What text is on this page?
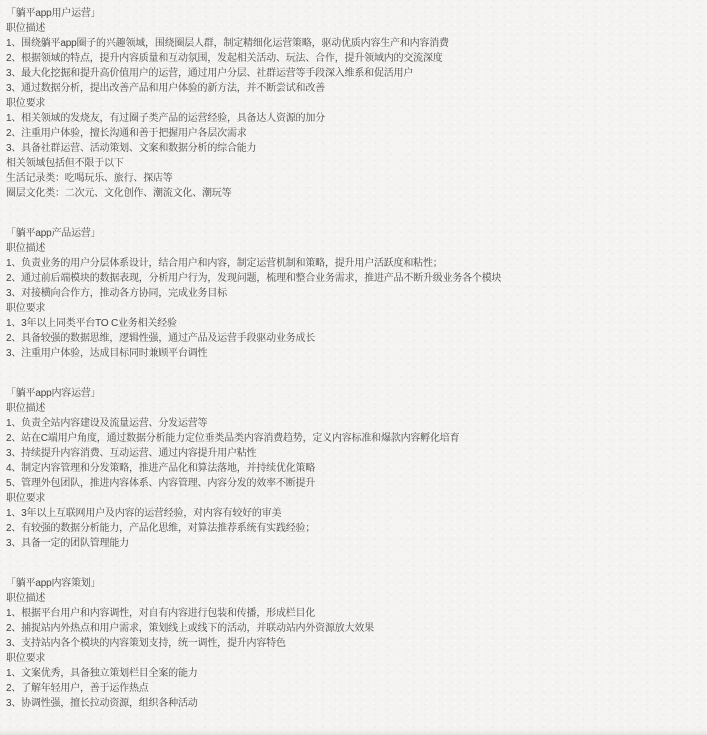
「躺平app用户运营」
职位描述
1、围绕躺平app圈子的兴趣领域，围绕圈层人群，制定精细化运营策略，驱动优质内容生产和内容消费
2、根据领域的特点，提升内容质量和互动氛围，发起相关活动、玩法、合作，提升领域内的交流深度
3、最大化挖掘和提升高价值用户的运营，通过用户分层、社群运营等手段深入维系和促活用户
3、通过数据分析，提出改善产品和用户体验的新方法，并不断尝试和改善
职位要求
1、相关领域的发烧友，有过圈子类产品的运营经验，具备达人资源的加分
2、注重用户体验，擅长沟通和善于把握用户各层次需求
3、具备社群运营、活动策划、文案和数据分析的综合能力
相关领域包括但不限于以下
生活记录类：吃喝玩乐、旅行、探店等
圈层文化类：二次元、文化创作、潮流文化、潮玩等
「躺平app产品运营」
职位描述
1、负责业务的用户分层体系设计，结合用户和内容，制定运营机制和策略，提升用户活跃度和粘性；
2、通过前后端模块的数据表现，分析用户行为，发现问题，梳理和整合业务需求，推进产品不断升级业务各个模块
3、对接横向合作方，推动各方协同，完成业务目标
职位要求
1、3年以上同类平台TO C业务相关经验
2、具备较强的数据思维，逻辑性强，通过产品及运营手段驱动业务成长
3、注重用户体验，达成目标同时兼顾平台调性
「躺平app内容运营」
职位描述
1、负责全站内容建设及流量运营、分发运营等
2、站在C端用户角度，通过数据分析能力定位垂类品类内容消费趋势，定义内容标准和爆款内容孵化培育
3、持续提升内容消费、互动运营、通过内容提升用户粘性
4、制定内容管理和分发策略，推进产品化和算法落地，并持续优化策略
5、管理外包团队，推进内容体系、内容管理、内容分发的效率不断提升
职位要求
1、3年以上互联网用户及内容的运营经验，对内容有较好的审美
2、有较强的数据分析能力，产品化思维，对算法推荐系统有实践经验；
3、具备一定的团队管理能力
「躺平app内容策划」
职位描述
1、根据平台用户和内容调性，对自有内容进行包装和传播，形成栏目化
2、捕捉站内外热点和用户需求，策划线上或线下的活动，并联动站内外资源放大效果
3、支持站内各个模块的内容策划支持，统一调性，提升内容特色
职位要求
1、文案优秀，具备独立策划栏目全案的能力
2、了解年轻用户，善于运作热点
3、协调性强，擅长拉动资源，组织各种活动
